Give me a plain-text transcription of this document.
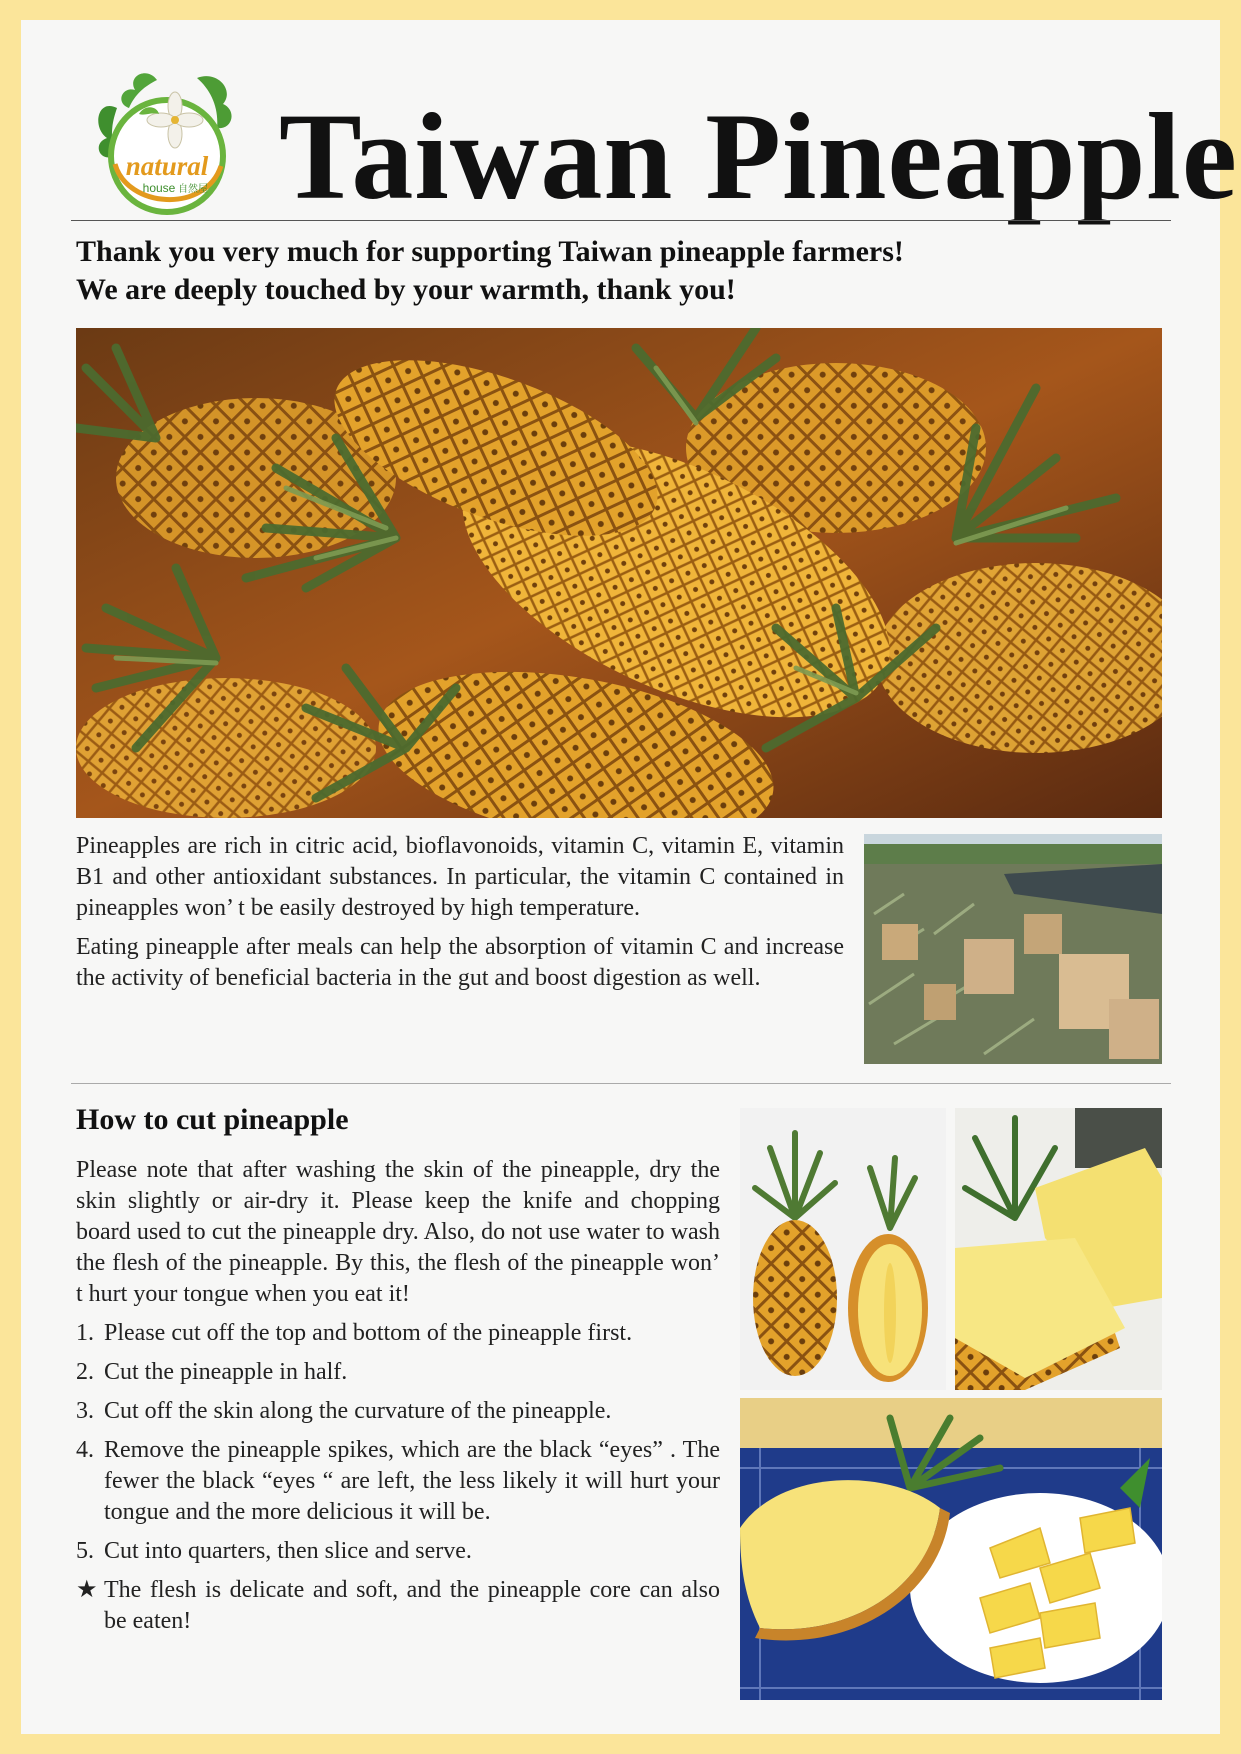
natural
house 自然屋 Taiwan Pineapple
Thank you very much for supporting Taiwan pineapple farmers!
We are deeply touched by your warmth, thank you!

Pineapples are rich in citric acid, bioflavonoids, vitamin C, vitamin E, vitamin B1 and other antioxidant substances. In particular, the vitamin C contained in pineapples won’ t be easily destroyed by high temperature.

Eating pineapple after meals can help the absorption of vitamin C and increase the activity of beneficial bacteria in the gut and boost digestion as well.

How to cut pineapple

Please note that after washing the skin of the pineapple, dry the skin slightly or air-dry it. Please keep the knife and chopping board used to cut the pineapple dry. Also, do not use water to wash the flesh of the pineapple. By this, the flesh of the pineapple won’ t hurt your tongue when you eat it!

1. Please cut off the top and bottom of the pineapple first.
2. Cut the pineapple in half.
3. Cut off the skin along the curvature of the pineapple.
4. Remove the pineapple spikes, which are the black “eyes” . The fewer the black “eyes “ are left, the less likely it will hurt your tongue and the more delicious it will be.
5. Cut into quarters, then slice and serve.
★ The flesh is delicate and soft, and the pineapple core can also be eaten!
